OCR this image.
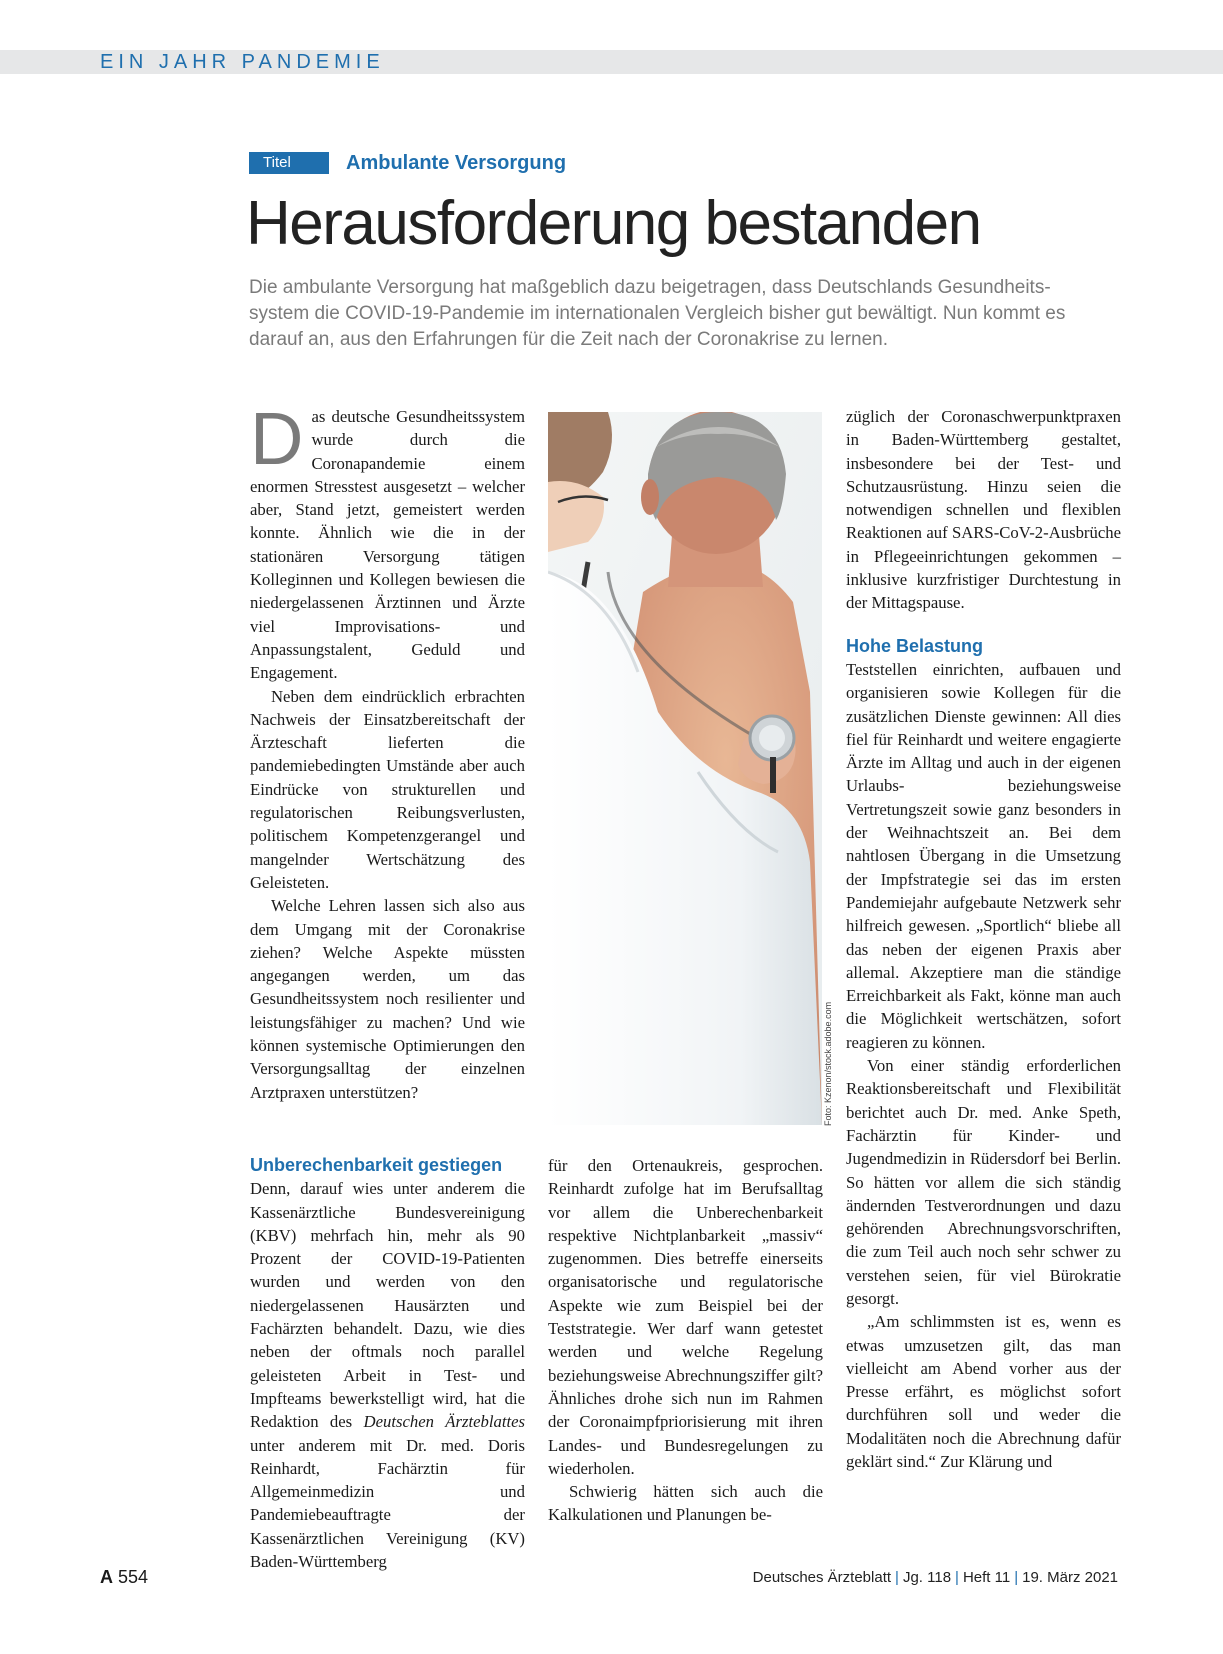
EIN JAHR PANDEMIE
Titel	Ambulante Versorgung
Herausforderung bestanden
Die ambulante Versorgung hat maßgeblich dazu beigetragen, dass Deutschlands Gesundheits-
system die COVID-19-Pandemie im internationalen Vergleich bisher gut bewältigt. Nun kommt es
darauf an, aus den Erfahrungen für die Zeit nach der Coronakrise zu lernen.
D as deutsche Gesundheitssystem wurde durch die Coronapandemie einem enormen Stresstest ausgesetzt – welcher aber, Stand jetzt, gemeistert werden konnte. Ähnlich wie die in der stationären Versorgung tätigen Kolleginnen und Kollegen bewiesen die niedergelassenen Ärztinnen und Ärzte viel Improvisations- und Anpassungstalent, Geduld und Engagement.

Neben dem eindrücklich erbrachten Nachweis der Einsatzbereitschaft der Ärzteschaft lieferten die pandemiebedingten Umstände aber auch Eindrücke von strukturellen und regulatorischen Reibungsverlusten, politischem Kompetenzgerangel und mangelnder Wertschätzung des Geleisteten.

Welche Lehren lassen sich also aus dem Umgang mit der Coronakrise ziehen? Welche Aspekte müssten angegangen werden, um das Gesundheitssystem noch resilienter und leistungsfähiger zu machen? Und wie können systemische Optimierungen den Versorgungsalltag der einzelnen Arztpraxen unterstützen?

Unberechenbarkeit gestiegen

Denn, darauf wies unter anderem die Kassenärztliche Bundesvereinigung (KBV) mehrfach hin, mehr als 90 Prozent der COVID-19-Patienten wurden und werden von den niedergelassenen Hausärzten und Fachärzten behandelt. Dazu, wie dies neben der oftmals noch parallel geleisteten Arbeit in Test- und Impfteams bewerkstelligt wird, hat die Redaktion des Deutschen Ärzteblattes unter anderem mit Dr. med. Doris Reinhardt, Fachärztin für Allgemeinmedizin und Pandemiebeauftragte der Kassenärztlichen Vereinigung (KV) Baden-Württemberg

Foto: Kzenon/stock.adobe.com

für den Ortenaukreis, gesprochen. Reinhardt zufolge hat im Berufsalltag vor allem die Unberechenbarkeit respektive Nichtplanbarkeit „massiv“ zugenommen. Dies betreffe einerseits organisatorische und regulatorische Aspekte wie zum Beispiel bei der Teststrategie. Wer darf wann getestet werden und welche Regelung beziehungsweise Abrechnungsziffer gilt? Ähnliches drohe sich nun im Rahmen der Coronaimpfpriorisierung mit ihren Landes- und Bundesregelungen zu wiederholen.

Schwierig hätten sich auch die Kalkulationen und Planungen be-

züglich der Coronaschwerpunktpraxen in Baden-Württemberg gestaltet, insbesondere bei der Test- und Schutzausrüstung. Hinzu seien die notwendigen schnellen und flexiblen Reaktionen auf SARS-CoV-2-Ausbrüche in Pflegeeinrichtungen gekommen – inklusive kurzfristiger Durchtestung in der Mittagspause.

Hohe Belastung

Teststellen einrichten, aufbauen und organisieren sowie Kollegen für die zusätzlichen Dienste gewinnen: All dies fiel für Reinhardt und weitere engagierte Ärzte im Alltag und auch in der eigenen Urlaubs- beziehungsweise Vertretungszeit sowie ganz besonders in der Weihnachtszeit an. Bei dem nahtlosen Übergang in die Umsetzung der Impfstrategie sei das im ersten Pandemiejahr aufgebaute Netzwerk sehr hilfreich gewesen. „Sportlich“ bliebe all das neben der eigenen Praxis aber allemal. Akzeptiere man die ständige Erreichbarkeit als Fakt, könne man auch die Möglichkeit wertschätzen, sofort reagieren zu können.

Von einer ständig erforderlichen Reaktionsbereitschaft und Flexibilität berichtet auch Dr. med. Anke Speth, Fachärztin für Kinder- und Jugendmedizin in Rüdersdorf bei Berlin. So hätten vor allem die sich ständig ändernden Testverordnungen und dazu gehörenden Abrechnungsvorschriften, die zum Teil auch noch sehr schwer zu verstehen seien, für viel Bürokratie gesorgt.

„Am schlimmsten ist es, wenn es etwas umzusetzen gilt, das man vielleicht am Abend vorher aus der Presse erfährt, es möglichst sofort durchführen soll und weder die Modalitäten noch die Abrechnung dafür geklärt sind.“ Zur Klärung und

A 554	Deutsches Ärzteblatt | Jg. 118 | Heft 11 | 19. März 2021
